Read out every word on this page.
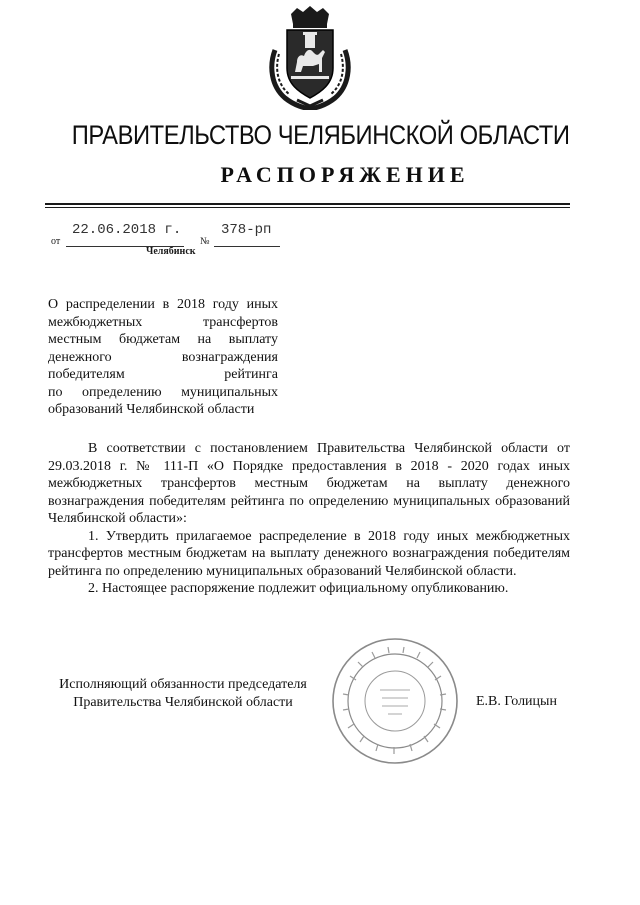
ПРАВИТЕЛЬСТВО ЧЕЛЯБИНСКОЙ ОБЛАСТИ
РАСПОРЯЖЕНИЕ
от
22.06.2018 г.
№
378-рп
Челябинск
О распределении в 2018 году иных
межбюджетных трансфертов
местным бюджетам на выплату
денежного вознаграждения
победителям рейтинга
по определению муниципальных
образований Челябинской области

В соответствии с постановлением Правительства Челябинской области от 29.03.2018 г. № 111-П «О Порядке предоставления в 2018 - 2020 годах иных межбюджетных трансфертов местным бюджетам на выплату денежного вознаграждения победителям рейтинга по определению муниципальных образований Челябинской области»:

1. Утвердить прилагаемое распределение в 2018 году иных межбюджетных трансфертов местным бюджетам на выплату денежного вознаграждения победителям рейтинга по определению муниципальных образований Челябинской области.

2. Настоящее распоряжение подлежит официальному опубликованию.

Исполняющий обязанности председателя
Правительства Челябинской области	Е.В. Голицын
